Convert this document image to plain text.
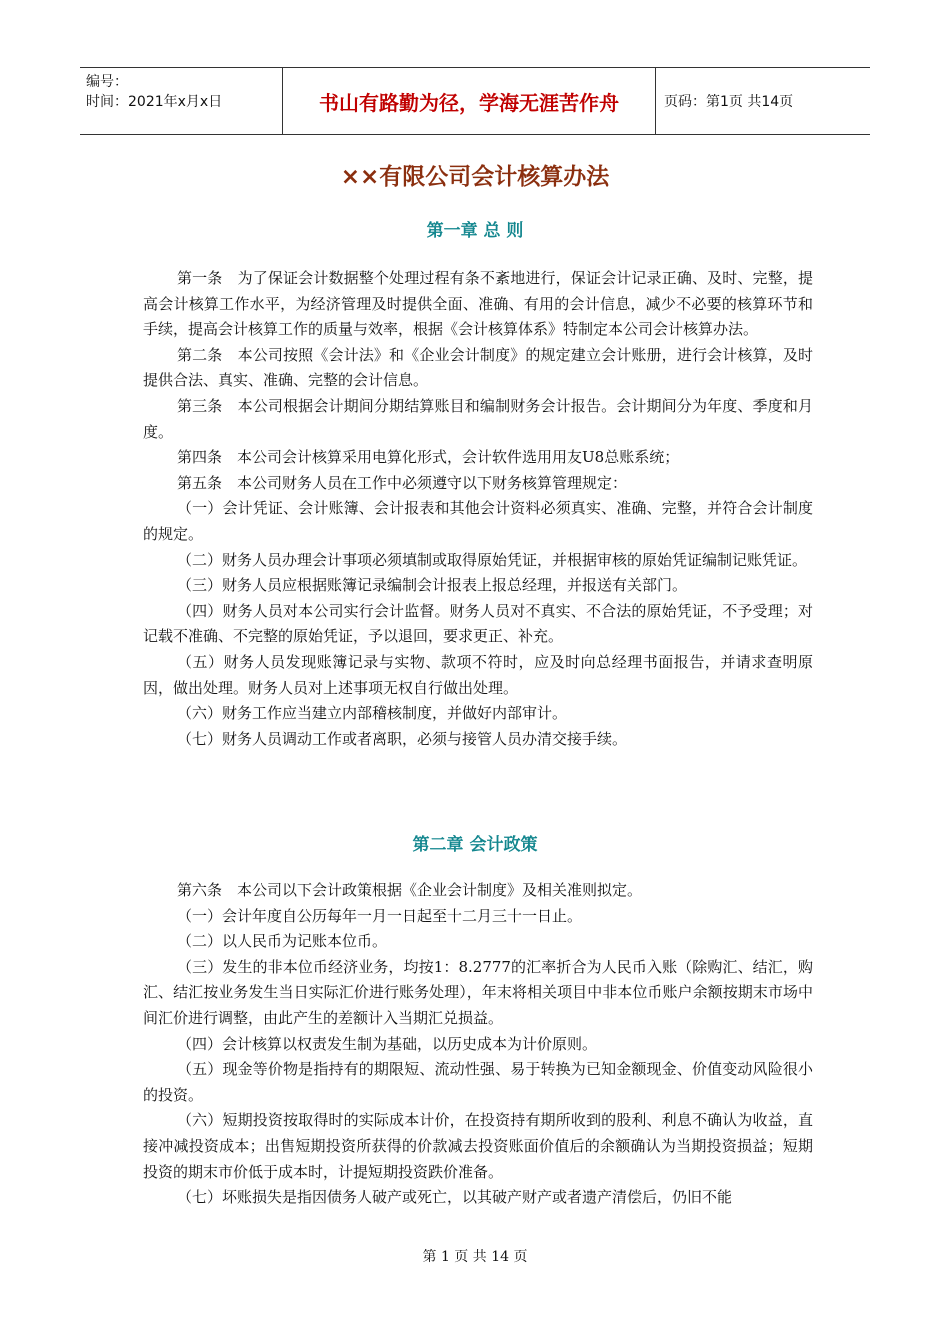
编号：
时间：2021年x月x日	书山有路勤为径，学海无涯苦作舟	页码：第1页 共14页
××有限公司会计核算办法
第一章 总 则

第一条　为了保证会计数据整个处理过程有条不紊地进行，保证会计记录正确、及时、完整，提高会计核算工作水平，为经济管理及时提供全面、准确、有用的会计信息，减少不必要的核算环节和手续，提高会计核算工作的质量与效率，根据《会计核算体系》特制定本公司会计核算办法。

第二条　本公司按照《会计法》和《企业会计制度》的规定建立会计账册，进行会计核算，及时提供合法、真实、准确、完整的会计信息。

第三条　本公司根据会计期间分期结算账目和编制财务会计报告。会计期间分为年度、季度和月度。

第四条　本公司会计核算采用电算化形式，会计软件选用用友U8总账系统；

第五条　本公司财务人员在工作中必须遵守以下财务核算管理规定：

（一）会计凭证、会计账簿、会计报表和其他会计资料必须真实、准确、完整，并符合会计制度的规定。

（二）财务人员办理会计事项必须填制或取得原始凭证，并根据审核的原始凭证编制记账凭证。

（三）财务人员应根据账簿记录编制会计报表上报总经理，并报送有关部门。

（四）财务人员对本公司实行会计监督。财务人员对不真实、不合法的原始凭证，不予受理；对记载不准确、不完整的原始凭证，予以退回，要求更正、补充。

（五）财务人员发现账簿记录与实物、款项不符时，应及时向总经理书面报告，并请求查明原因，做出处理。财务人员对上述事项无权自行做出处理。

（六）财务工作应当建立内部稽核制度，并做好内部审计。

（七）财务人员调动工作或者离职，必须与接管人员办清交接手续。

第二章 会计政策

第六条　本公司以下会计政策根据《企业会计制度》及相关准则拟定。

（一）会计年度自公历每年一月一日起至十二月三十一日止。

（二）以人民币为记账本位币。

（三）发生的非本位币经济业务，均按1：8.2777的汇率折合为人民币入账（除购汇、结汇，购汇、结汇按业务发生当日实际汇价进行账务处理），年末将相关项目中非本位币账户余额按期末市场中间汇价进行调整，由此产生的差额计入当期汇兑损益。

（四）会计核算以权责发生制为基础，以历史成本为计价原则。

（五）现金等价物是指持有的期限短、流动性强、易于转换为已知金额现金、价值变动风险很小的投资。

（六）短期投资按取得时的实际成本计价，在投资持有期所收到的股利、利息不确认为收益，直接冲减投资成本；出售短期投资所获得的价款减去投资账面价值后的余额确认为当期投资损益；短期投资的期末市价低于成本时，计提短期投资跌价准备。

（七）坏账损失是指因债务人破产或死亡，以其破产财产或者遗产清偿后，仍旧不能

第 1 页 共 14 页
